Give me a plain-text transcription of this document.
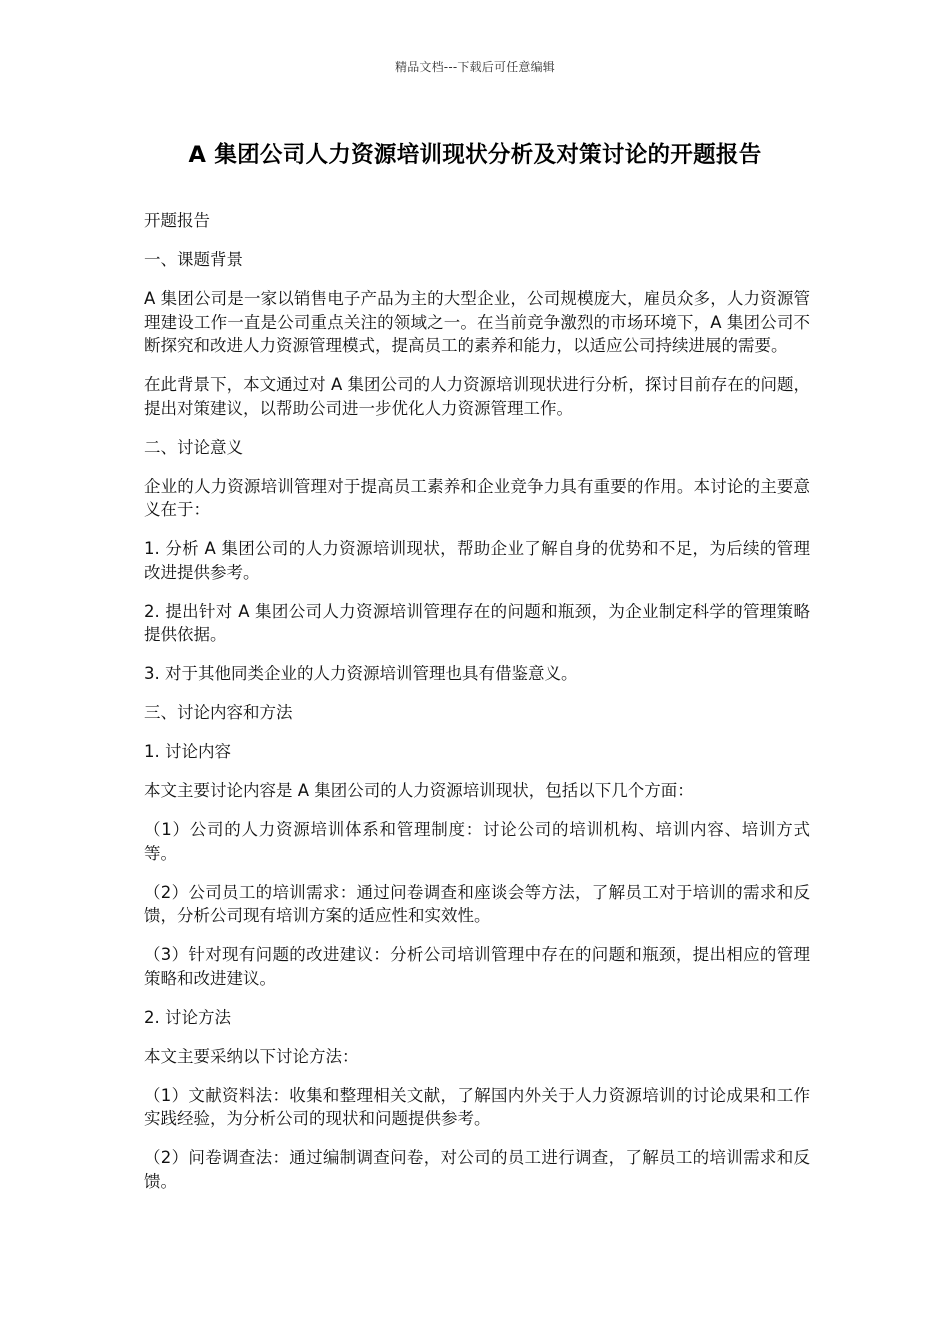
精品文档---下载后可任意编辑
A 集团公司人力资源培训现状分析及对策讨论的开题报告

开题报告

一、课题背景

A 集团公司是一家以销售电子产品为主的大型企业，公司规模庞大，雇员众多，人力资源管理建设工作一直是公司重点关注的领域之一。在当前竞争激烈的市场环境下，A 集团公司不断探究和改进人力资源管理模式，提高员工的素养和能力，以适应公司持续进展的需要。

在此背景下，本文通过对 A 集团公司的人力资源培训现状进行分析，探讨目前存在的问题，提出对策建议，以帮助公司进一步优化人力资源管理工作。

二、讨论意义

企业的人力资源培训管理对于提高员工素养和企业竞争力具有重要的作用。本讨论的主要意义在于：

1. 分析 A 集团公司的人力资源培训现状，帮助企业了解自身的优势和不足，为后续的管理改进提供参考。

2. 提出针对 A 集团公司人力资源培训管理存在的问题和瓶颈，为企业制定科学的管理策略提供依据。

3. 对于其他同类企业的人力资源培训管理也具有借鉴意义。

三、讨论内容和方法

1. 讨论内容

本文主要讨论内容是 A 集团公司的人力资源培训现状，包括以下几个方面：

（1）公司的人力资源培训体系和管理制度：讨论公司的培训机构、培训内容、培训方式等。

（2）公司员工的培训需求：通过问卷调查和座谈会等方法，了解员工对于培训的需求和反馈，分析公司现有培训方案的适应性和实效性。

（3）针对现有问题的改进建议：分析公司培训管理中存在的问题和瓶颈，提出相应的管理策略和改进建议。

2. 讨论方法

本文主要采纳以下讨论方法：

（1）文献资料法：收集和整理相关文献，了解国内外关于人力资源培训的讨论成果和工作实践经验，为分析公司的现状和问题提供参考。

（2）问卷调查法：通过编制调查问卷，对公司的员工进行调查，了解员工的培训需求和反馈。
